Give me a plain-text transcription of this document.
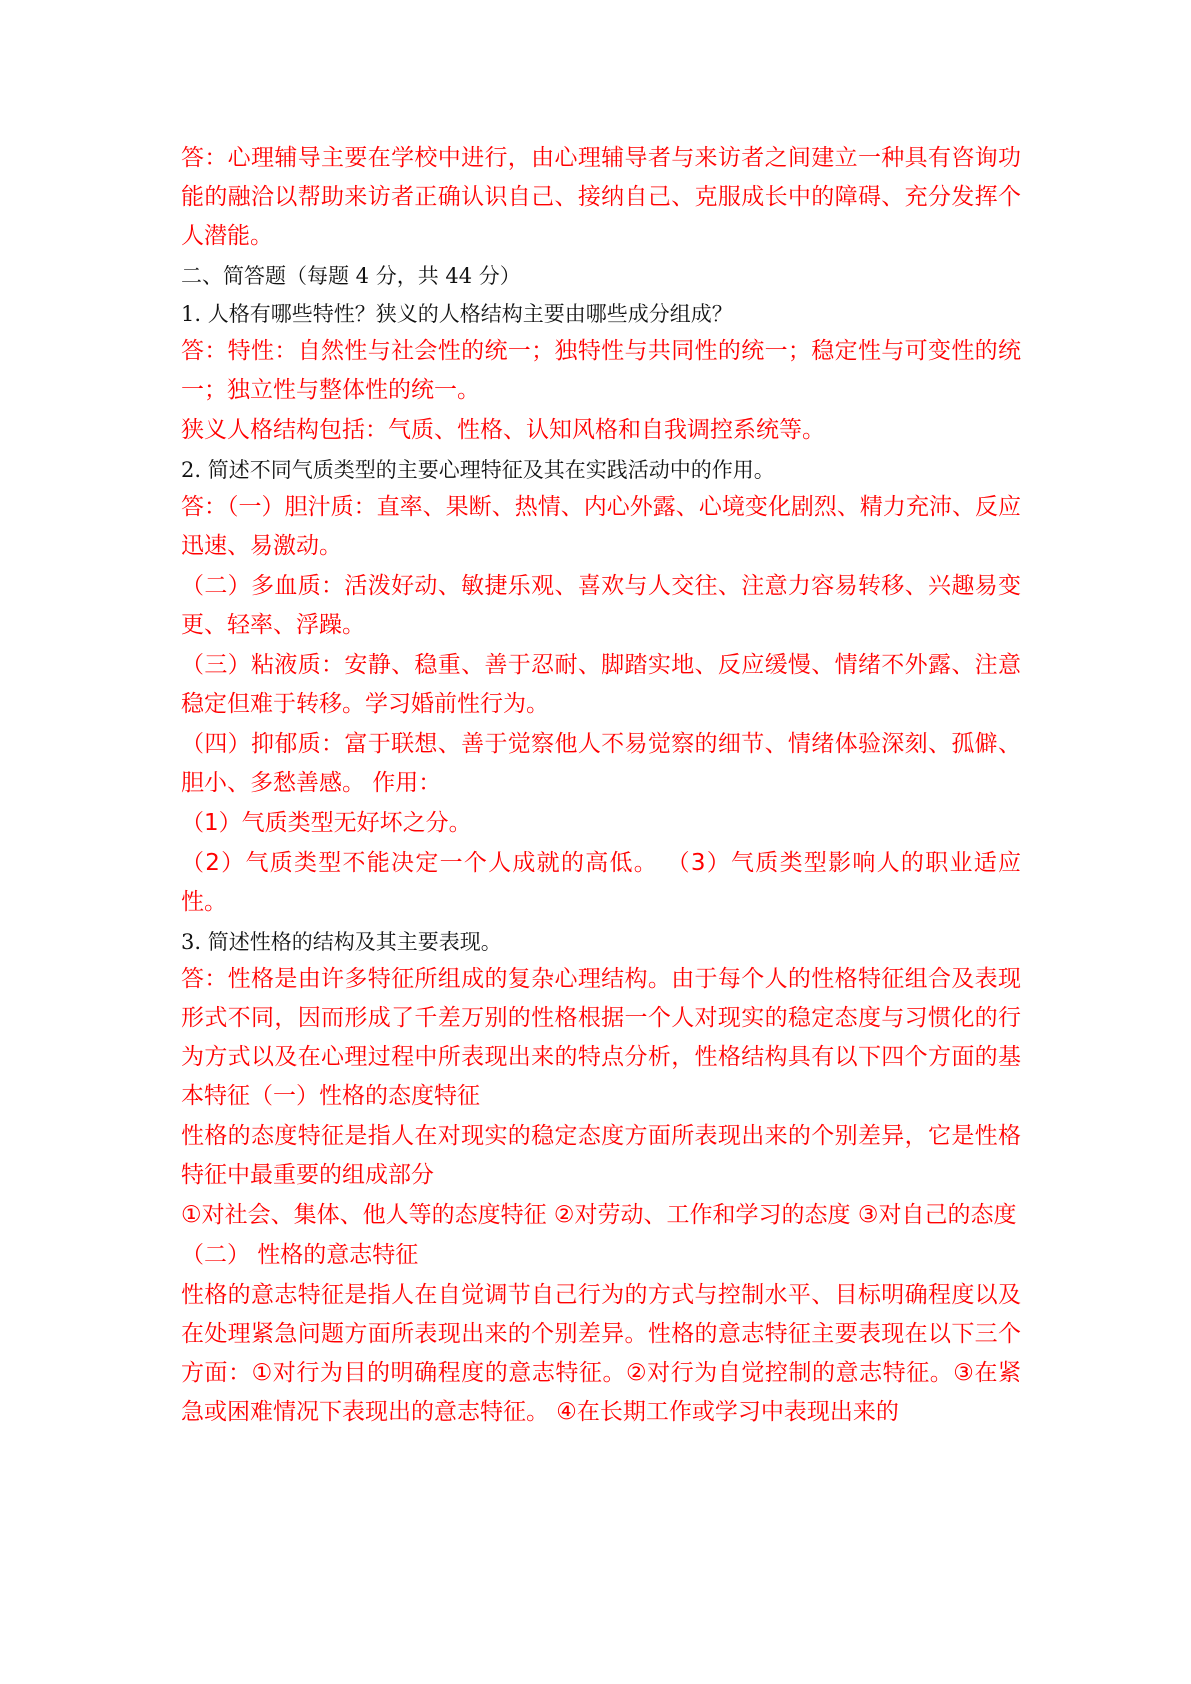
答：心理辅导主要在学校中进行，由心理辅导者与来访者之间建立一种具有咨询功能的融洽以帮助来访者正确认识自己、接纳自己、克服成长中的障碍、充分发挥个人潜能。

二、简答题（每题 4 分，共 44 分）

1. 人格有哪些特性？狭义的人格结构主要由哪些成分组成？

答：特性：自然性与社会性的统一；独特性与共同性的统一；稳定性与可变性的统一；独立性与整体性的统一。

狭义人格结构包括：气质、性格、认知风格和自我调控系统等。

2. 简述不同气质类型的主要心理特征及其在实践活动中的作用。

答：（一）胆汁质：直率、果断、热情、内心外露、心境变化剧烈、精力充沛、反应迅速、易激动。

（二）多血质：活泼好动、敏捷乐观、喜欢与人交往、注意力容易转移、兴趣易变更、轻率、浮躁。

（三）粘液质：安静、稳重、善于忍耐、脚踏实地、反应缓慢、情绪不外露、注意稳定但难于转移。学习婚前性行为。

（四）抑郁质：富于联想、善于觉察他人不易觉察的细节、情绪体验深刻、孤僻、胆小、多愁善感。 作用：

（1）气质类型无好坏之分。

（2）气质类型不能决定一个人成就的高低。 （3）气质类型影响人的职业适应性。

3. 简述性格的结构及其主要表现。

答：性格是由许多特征所组成的复杂心理结构。由于每个人的性格特征组合及表现形式不同，因而形成了千差万别的性格根据一个人对现实的稳定态度与习惯化的行为方式以及在心理过程中所表现出来的特点分析，性格结构具有以下四个方面的基本特征（一）性格的态度特征

性格的态度特征是指人在对现实的稳定态度方面所表现出来的个别差异，它是性格特征中最重要的组成部分

①对社会、集体、他人等的态度特征 ②对劳动、工作和学习的态度 ③对自己的态度

（二） 性格的意志特征

性格的意志特征是指人在自觉调节自己行为的方式与控制水平、目标明确程度以及在处理紧急问题方面所表现出来的个别差异。性格的意志特征主要表现在以下三个方面：①对行为目的明确程度的意志特征。②对行为自觉控制的意志特征。③在紧急或困难情况下表现出的意志特征。 ④在长期工作或学习中表现出来的
